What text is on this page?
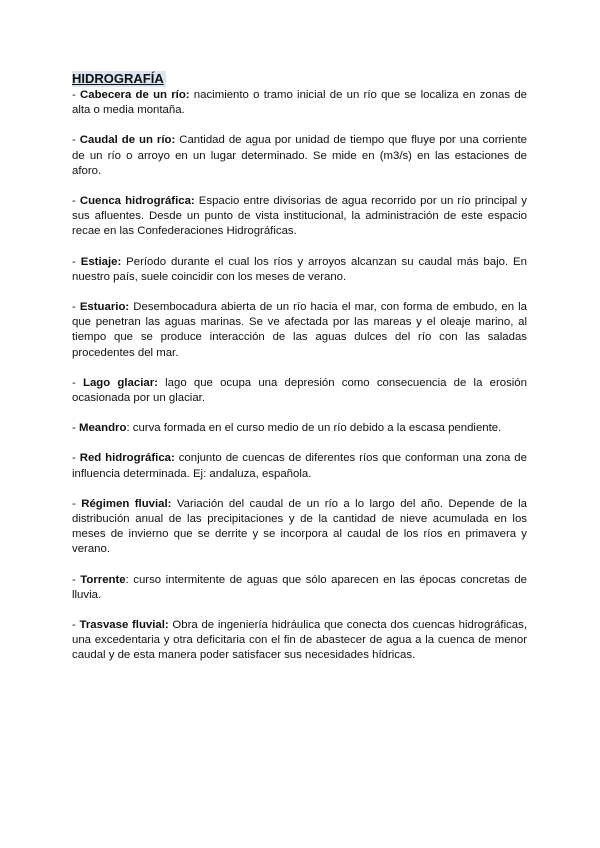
HIDROGRAFÍA
- Cabecera de un río: nacimiento o tramo inicial de un río que se localiza en zonas de alta o media montaña.
- Caudal de un río: Cantidad de agua por unidad de tiempo que fluye por una corriente de un río o arroyo en un lugar determinado. Se mide en (m3/s) en las estaciones de aforo.
- Cuenca hidrográfica: Espacio entre divisorias de agua recorrido por un río principal y sus afluentes. Desde un punto de vista institucional, la administración de este espacio recae en las Confederaciones Hidrográficas.
- Estiaje: Período durante el cual los ríos y arroyos alcanzan su caudal más bajo. En nuestro país, suele coincidir con los meses de verano.
- Estuario: Desembocadura abierta de un río hacia el mar, con forma de embudo, en la que penetran las aguas marinas. Se ve afectada por las mareas y el oleaje marino, al tiempo que se produce interacción de las aguas dulces del río con las saladas procedentes del mar.
- Lago glaciar: lago que ocupa una depresión como consecuencia de la erosión ocasionada por un glaciar.
- Meandro: curva formada en el curso medio de un río debido a la escasa pendiente.
- Red hidrográfica: conjunto de cuencas de diferentes ríos que conforman una zona de influencia determinada. Ej: andaluza, española.
- Régimen fluvial: Variación del caudal de un río a lo largo del año. Depende de la distribución anual de las precipitaciones y de la cantidad de nieve acumulada en los meses de invierno que se derrite y se incorpora al caudal de los ríos en primavera y verano.
- Torrente: curso intermitente de aguas que sólo aparecen en las épocas concretas de lluvia.
- Trasvase fluvial: Obra de ingeniería hidráulica que conecta dos cuencas hidrográficas, una excedentaria y otra deficitaria con el fin de abastecer de agua a la cuenca de menor caudal y de esta manera poder satisfacer sus necesidades hídricas.
